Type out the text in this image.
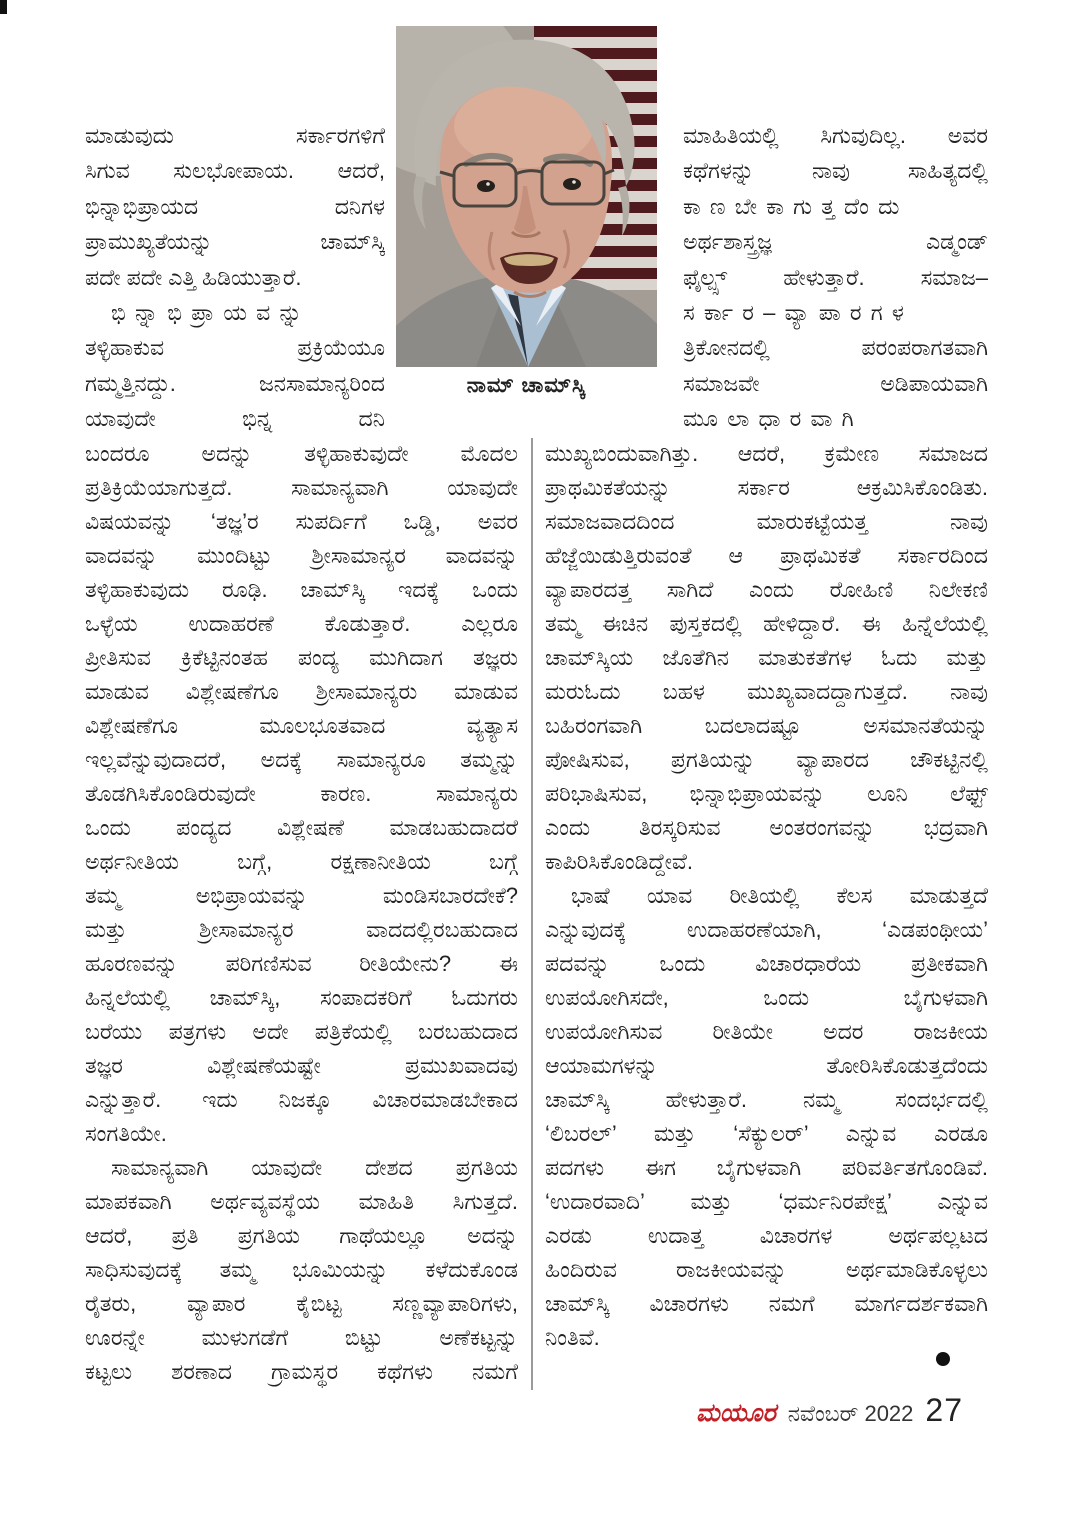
ನಾಮ್ ಚಾಮ್‌ಸ್ಕಿ
ಮಾಡುವುದು ಸರ್ಕಾರಗಳಿಗೆ
ಸಿಗುವ ಸುಲಭೋಪಾಯ. ಆದರೆ,
ಭಿನ್ನಾಭಿಪ್ರಾಯದ ದನಿಗಳ
ಪ್ರಾಮುಖ್ಯತೆಯನ್ನು ಚಾಮ್‌ಸ್ಕಿ
ಪದೇ ಪದೇ ಎತ್ತಿ ಹಿಡಿಯುತ್ತಾರೆ.
ಭಿನ್ನಾಭಿಪ್ರಾಯವನ್ನು
ತಳ್ಳಿಹಾಕುವ ಪ್ರಕ್ರಿಯೆಯೂ
ಗಮ್ಮತ್ತಿನದ್ದು. ಜನಸಾಮಾನ್ಯರಿಂದ
ಯಾವುದೇ ಭಿನ್ನ ದನಿ
ಮಾಹಿತಿಯಲ್ಲಿ ಸಿಗುವುದಿಲ್ಲ. ಅವರ
ಕಥೆಗಳನ್ನು ನಾವು ಸಾಹಿತ್ಯದಲ್ಲಿ
ಕಾಣಬೇಕಾಗುತ್ತದೆಂದು
ಅರ್ಥಶಾಸ್ತ್ರಜ್ಞ ಎಡ್ಮಂಡ್
ಫೈಲ್ಪ್ಸ್ ಹೇಳುತ್ತಾರೆ. ಸಮಾಜ–
ಸರ್ಕಾರ–ವ್ಯಾಪಾರಗಳ
ತ್ರಿಕೋನದಲ್ಲಿ ಪರಂಪರಾಗತವಾಗಿ
ಸಮಾಜವೇ ಅಡಿಪಾಯವಾಗಿ
ಮೂಲಾಧಾರವಾಗಿ
ಬಂದರೂ ಅದನ್ನು ತಳ್ಳಿಹಾಕುವುದೇ ಮೊದಲ
ಪ್ರತಿಕ್ರಿಯೆಯಾಗುತ್ತದೆ. ಸಾಮಾನ್ಯವಾಗಿ ಯಾವುದೇ
ವಿಷಯವನ್ನು ‘ತಜ್ಞ’ರ ಸುಪರ್ದಿಗೆ ಒಡ್ಡಿ, ಅವರ
ವಾದವನ್ನು ಮುಂದಿಟ್ಟು ಶ್ರೀಸಾಮಾನ್ಯರ ವಾದವನ್ನು
ತಳ್ಳಿಹಾಕುವುದು ರೂಢಿ. ಚಾಮ್‌ಸ್ಕಿ ಇದಕ್ಕೆ ಒಂದು
ಒಳ್ಳೆಯ ಉದಾಹರಣೆ ಕೊಡುತ್ತಾರೆ. ಎಲ್ಲರೂ
ಪ್ರೀತಿಸುವ ಕ್ರಿಕೆಟ್ಟಿನಂತಹ ಪಂದ್ಯ ಮುಗಿದಾಗ ತಜ್ಞರು
ಮಾಡುವ ವಿಶ್ಲೇಷಣೆಗೂ ಶ್ರೀಸಾಮಾನ್ಯರು ಮಾಡುವ
ವಿಶ್ಲೇಷಣೆಗೂ ಮೂಲಭೂತವಾದ ವ್ಯತ್ಯಾಸ
ಇಲ್ಲವೆನ್ನುವುದಾದರೆ, ಅದಕ್ಕೆ ಸಾಮಾನ್ಯರೂ ತಮ್ಮನ್ನು
ತೊಡಗಿಸಿಕೊಂಡಿರುವುದೇ ಕಾರಣ. ಸಾಮಾನ್ಯರು
ಒಂದು ಪಂದ್ಯದ ವಿಶ್ಲೇಷಣೆ ಮಾಡಬಹುದಾದರೆ
ಅರ್ಥನೀತಿಯ ಬಗ್ಗೆ, ರಕ್ಷಣಾನೀತಿಯ ಬಗ್ಗೆ
ತಮ್ಮ ಅಭಿಪ್ರಾಯವನ್ನು ಮಂಡಿಸಬಾರದೇಕೆ?
ಮತ್ತು ಶ್ರೀಸಾಮಾನ್ಯರ ವಾದದಲ್ಲಿರಬಹುದಾದ
ಹೂರಣವನ್ನು ಪರಿಗಣಿಸುವ ರೀತಿಯೇನು? ಈ
ಹಿನ್ನಲೆಯಲ್ಲಿ ಚಾಮ್‌ಸ್ಕಿ, ಸಂಪಾದಕರಿಗೆ ಓದುಗರು
ಬರೆಯು ಪತ್ರಗಳು ಅದೇ ಪತ್ರಿಕೆಯಲ್ಲಿ ಬರಬಹುದಾದ
ತಜ್ಞರ ವಿಶ್ಲೇಷಣೆಯಷ್ಟೇ ಪ್ರಮುಖವಾದವು
ಎನ್ನುತ್ತಾರೆ. ಇದು ನಿಜಕ್ಕೂ ವಿಚಾರಮಾಡಬೇಕಾದ
ಸಂಗತಿಯೇ.
ಸಾಮಾನ್ಯವಾಗಿ ಯಾವುದೇ ದೇಶದ ಪ್ರಗತಿಯ
ಮಾಪಕವಾಗಿ ಅರ್ಥವ್ಯವಸ್ಥೆಯ ಮಾಹಿತಿ ಸಿಗುತ್ತದೆ.
ಆದರೆ, ಪ್ರತಿ ಪ್ರಗತಿಯ ಗಾಥೆಯಲ್ಲೂ ಅದನ್ನು
ಸಾಧಿಸುವುದಕ್ಕೆ ತಮ್ಮ ಭೂಮಿಯನ್ನು ಕಳೆದುಕೊಂಡ
ರೈತರು, ವ್ಯಾಪಾರ ಕೈಬಿಟ್ಟ ಸಣ್ಣವ್ಯಾಪಾರಿಗಳು,
ಊರನ್ನೇ ಮುಳುಗಡೆಗೆ ಬಿಟ್ಟು ಅಣೆಕಟ್ಟನ್ನು
ಕಟ್ಟಲು ಶರಣಾದ ಗ್ರಾಮಸ್ಥರ ಕಥೆಗಳು ನಮಗೆ
ಮುಖ್ಯಬಿಂದುವಾಗಿತ್ತು. ಆದರೆ, ಕ್ರಮೇಣ ಸಮಾಜದ
ಪ್ರಾಥಮಿಕತೆಯನ್ನು ಸರ್ಕಾರ ಆಕ್ರಮಿಸಿಕೊಂಡಿತು.
ಸಮಾಜವಾದದಿಂದ ಮಾರುಕಟ್ಟೆಯತ್ತ ನಾವು
ಹೆಜ್ಜೆಯಿಡುತ್ತಿರುವಂತೆ ಆ ಪ್ರಾಥಮಿಕತೆ ಸರ್ಕಾರದಿಂದ
ವ್ಯಾಪಾರದತ್ತ ಸಾಗಿದೆ ಎಂದು ರೋಹಿಣಿ ನಿಲೇಕಣಿ
ತಮ್ಮ ಈಚಿನ ಪುಸ್ತಕದಲ್ಲಿ ಹೇಳಿದ್ದಾರೆ. ಈ ಹಿನ್ನೆಲೆಯಲ್ಲಿ
ಚಾಮ್‌ಸ್ಕಿಯ ಜೊತೆಗಿನ ಮಾತುಕತೆಗಳ ಓದು ಮತ್ತು
ಮರುಓದು ಬಹಳ ಮುಖ್ಯವಾದದ್ದಾಗುತ್ತದೆ. ನಾವು
ಬಹಿರಂಗವಾಗಿ ಬದಲಾದಷ್ಟೂ ಅಸಮಾನತೆಯನ್ನು
ಪೋಷಿಸುವ, ಪ್ರಗತಿಯನ್ನು ವ್ಯಾಪಾರದ ಚೌಕಟ್ಟಿನಲ್ಲಿ
ಪರಿಭಾಷಿಸುವ, ಭಿನ್ನಾಭಿಪ್ರಾಯವನ್ನು ಲೂನಿ ಲೆಫ್ಟ್
ಎಂದು ತಿರಸ್ಕರಿಸುವ ಅಂತರಂಗವನ್ನು ಭದ್ರವಾಗಿ
ಕಾಪಿರಿಸಿಕೊಂಡಿದ್ದೇವೆ.
ಭಾಷೆ ಯಾವ ರೀತಿಯಲ್ಲಿ ಕೆಲಸ ಮಾಡುತ್ತದೆ
ಎನ್ನುವುದಕ್ಕೆ ಉದಾಹರಣೆಯಾಗಿ, ‘ಎಡಪಂಥೀಯ’
ಪದವನ್ನು ಒಂದು ವಿಚಾರಧಾರೆಯ ಪ್ರತೀಕವಾಗಿ
ಉಪಯೋಗಿಸದೇ, ಒಂದು ಬೈಗುಳವಾಗಿ
ಉಪಯೋಗಿಸುವ ರೀತಿಯೇ ಅದರ ರಾಜಕೀಯ
ಆಯಾಮಗಳನ್ನು ತೋರಿಸಿಕೊಡುತ್ತದೆಂದು
ಚಾಮ್‌ಸ್ಕಿ ಹೇಳುತ್ತಾರೆ. ನಮ್ಮ ಸಂದರ್ಭದಲ್ಲಿ
‘ಲಿಬರಲ್’ ಮತ್ತು ‘ಸೆಕ್ಯುಲರ್’ ಎನ್ನುವ ಎರಡೂ
ಪದಗಳು ಈಗ ಬೈಗುಳವಾಗಿ ಪರಿವರ್ತಿತಗೊಂಡಿವೆ.
‘ಉದಾರವಾದಿ’ ಮತ್ತು ‘ಧರ್ಮನಿರಪೇಕ್ಷ’ ಎನ್ನುವ
ಎರಡು ಉದಾತ್ತ ವಿಚಾರಗಳ ಅರ್ಥಪಲ್ಲಟದ
ಹಿಂದಿರುವ ರಾಜಕೀಯವನ್ನು ಅರ್ಥಮಾಡಿಕೊಳ್ಳಲು
ಚಾಮ್‌ಸ್ಕಿ ವಿಚಾರಗಳು ನಮಗೆ ಮಾರ್ಗದರ್ಶಕವಾಗಿ
ನಿಂತಿವೆ.
ಮಯೂರ ನವೆಂಬರ್ 2022 27
